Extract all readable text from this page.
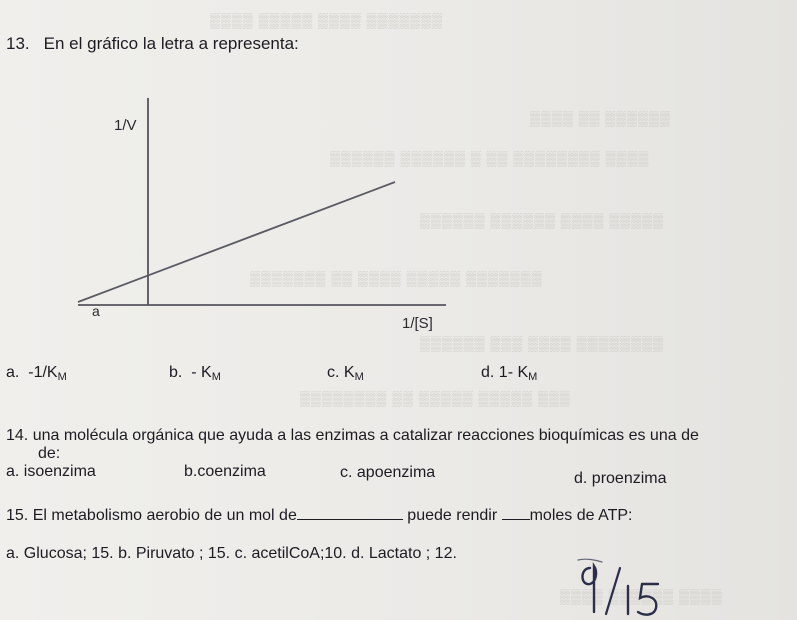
▒▒▒▒ ▒▒▒▒▒ ▒▒▒▒ ▒▒▒▒▒▒▒
▒▒▒▒ ▒▒ ▒▒▒▒▒▒
▒▒▒▒▒▒ ▒▒▒▒▒▒ ▒ ▒▒ ▒▒▒▒▒▒▒▒ ▒▒▒▒
▒▒▒▒▒▒ ▒▒▒▒▒▒ ▒▒▒▒ ▒▒▒▒▒
▒▒▒▒▒▒▒ ▒▒ ▒▒▒▒ ▒▒▒▒▒ ▒▒▒▒▒▒▒
▒▒▒▒▒▒ ▒▒▒ ▒▒▒▒ ▒▒▒▒▒▒▒▒
▒▒▒▒▒▒▒▒ ▒▒ ▒▒▒▒▒ ▒▒▒▒▒ ▒▒▒
▒▒▒▒ ▒▒▒▒▒▒ ▒▒▒▒
13. En el gráfico la letra a representa:
1/V
1/[S]
a
a. $-1/K_M$	b. - $K_M$	c. $K_M$	d. 1- $K_M$
14. una molécula orgánica que ayuda a las enzimas a catalizar reacciones bioquímicas es una de
de:
a. isoenzima	b.coenzima	c. apoenzima	d. proenzima
15. El metabolismo aerobio de un mol de	puede rendir moles de ATP:
a. Glucosa; 15. b. Piruvato ; 15. c. acetilCoA;10. d. Lactato ; 12.
